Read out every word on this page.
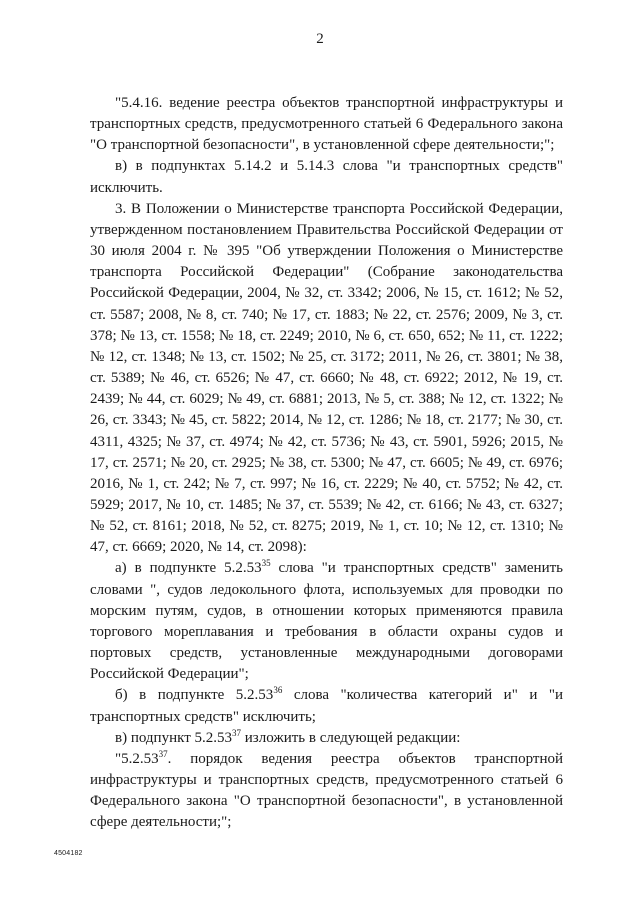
2

"5.4.16. ведение реестра объектов транспортной инфраструктуры и транспортных средств, предусмотренного статьей 6 Федерального закона "О транспортной безопасности", в установленной сфере деятельности;";

в) в подпунктах 5.14.2 и 5.14.3 слова "и транспортных средств" исключить.

3. В Положении о Министерстве транспорта Российской Федерации, утвержденном постановлением Правительства Российской Федерации от 30 июля 2004 г. № 395 "Об утверждении Положения о Министерстве транспорта Российской Федерации" (Собрание законодательства Российской Федерации, 2004, № 32, ст. 3342; 2006, № 15, ст. 1612; № 52, ст. 5587; 2008, № 8, ст. 740; № 17, ст. 1883; № 22, ст. 2576; 2009, № 3, ст. 378; № 13, ст. 1558; № 18, ст. 2249; 2010, № 6, ст. 650, 652; № 11, ст. 1222; № 12, ст. 1348; № 13, ст. 1502; № 25, ст. 3172; 2011, № 26, ст. 3801; № 38, ст. 5389; № 46, ст. 6526; № 47, ст. 6660; № 48, ст. 6922; 2012, № 19, ст. 2439; № 44, ст. 6029; № 49, ст. 6881; 2013, № 5, ст. 388; № 12, ст. 1322; № 26, ст. 3343; № 45, ст. 5822; 2014, № 12, ст. 1286; № 18, ст. 2177; № 30, ст. 4311, 4325; № 37, ст. 4974; № 42, ст. 5736; № 43, ст. 5901, 5926; 2015, № 17, ст. 2571; № 20, ст. 2925; № 38, ст. 5300; № 47, ст. 6605; № 49, ст. 6976; 2016, № 1, ст. 242; № 7, ст. 997; № 16, ст. 2229; № 40, ст. 5752; № 42, ст. 5929; 2017, № 10, ст. 1485; № 37, ст. 5539; № 42, ст. 6166; № 43, ст. 6327; № 52, ст. 8161; 2018, № 52, ст. 8275; 2019, № 1, ст. 10; № 12, ст. 1310; № 47, ст. 6669; 2020, № 14, ст. 2098):

а) в подпункте 5.2.53$^{35}$ слова "и транспортных средств" заменить словами ", судов ледокольного флота, используемых для проводки по морским путям, судов, в отношении которых применяются правила торгового мореплавания и требования в области охраны судов и портовых средств, установленные международными договорами Российской Федерации";

б) в подпункте 5.2.53$^{36}$ слова "количества категорий и" и "и транспортных средств" исключить;

в) подпункт 5.2.53$^{37}$ изложить в следующей редакции:

"5.2.53$^{37}$. порядок ведения реестра объектов транспортной инфраструктуры и транспортных средств, предусмотренного статьей 6 Федерального закона "О транспортной безопасности", в установленной сфере деятельности;";

4504182
